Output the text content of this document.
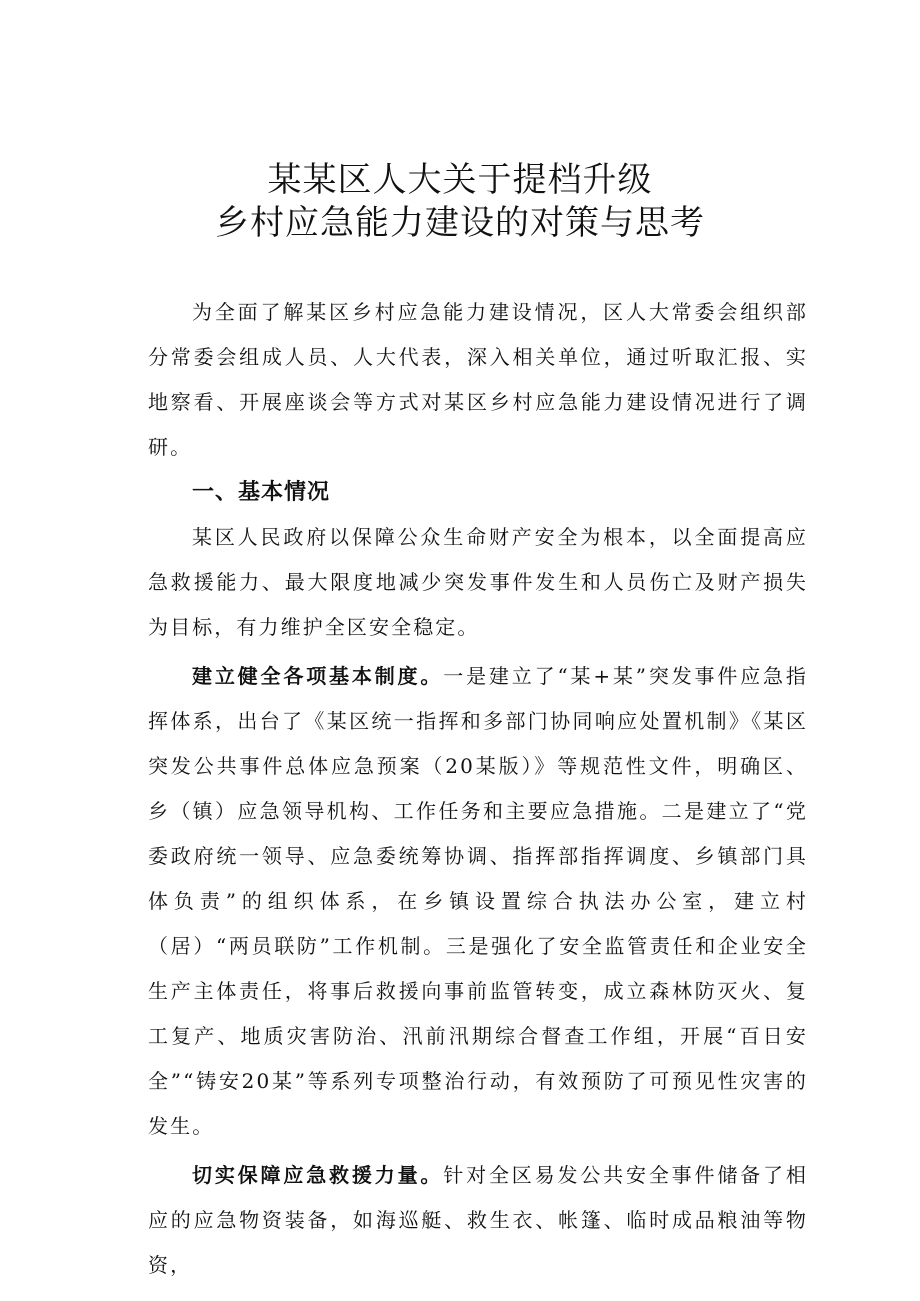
某某区人大关于提档升级
乡村应急能力建设的对策与思考

为全面了解某区乡村应急能力建设情况，区人大常委会组织部分常委会组成人员、人大代表，深入相关单位，通过听取汇报、实地察看、开展座谈会等方式对某区乡村应急能力建设情况进行了调研。

一、基本情况

某区人民政府以保障公众生命财产安全为根本，以全面提高应急救援能力、最大限度地减少突发事件发生和人员伤亡及财产损失为目标，有力维护全区安全稳定。

建立健全各项基本制度。一是建立了“某+某”突发事件应急指挥体系，出台了《某区统一指挥和多部门协同响应处置机制》《某区突发公共事件总体应急预案（20某版）》等规范性文件，明确区、乡（镇）应急领导机构、工作任务和主要应急措施。二是建立了“党委政府统一领导、应急委统筹协调、指挥部指挥调度、乡镇部门具体负责”的组织体系，在乡镇设置综合执法办公室，建立村（居）“两员联防”工作机制。三是强化了安全监管责任和企业安全生产主体责任，将事后救援向事前监管转变，成立森林防灭火、复工复产、地质灾害防治、汛前汛期综合督查工作组，开展“百日安全”“铸安20某”等系列专项整治行动，有效预防了可预见性灾害的发生。

切实保障应急救援力量。针对全区易发公共安全事件储备了相应的应急物资装备，如海巡艇、救生衣、帐篷、临时成品粮油等物资，
